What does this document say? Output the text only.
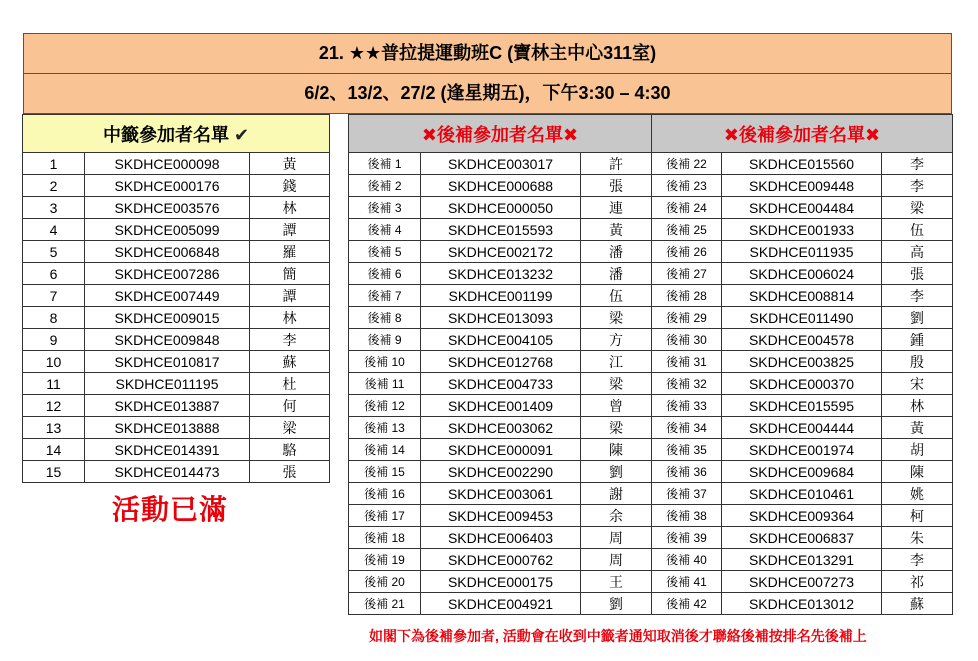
21. ★★普拉提運動班C (寶林主中心311室)
6/2、13/2、27/2 (逢星期五)，下午3:30 – 4:30
中籤參加者名單 ✔		
1	SKDHCE000098	黃
2	SKDHCE000176	錢
3	SKDHCE003576	林
4	SKDHCE005099	譚
5	SKDHCE006848	羅
6	SKDHCE007286	簡
7	SKDHCE007449	譚
8	SKDHCE009015	林
9	SKDHCE009848	李
10	SKDHCE010817	蘇
11	SKDHCE011195	杜
12	SKDHCE013887	何
13	SKDHCE013888	梁
14	SKDHCE014391	駱
15	SKDHCE014473	張
✖後補參加者名單✖		
後補 1	SKDHCE003017	許
後補 2	SKDHCE000688	張
後補 3	SKDHCE000050	連
後補 4	SKDHCE015593	黃
後補 5	SKDHCE002172	潘
後補 6	SKDHCE013232	潘
後補 7	SKDHCE001199	伍
後補 8	SKDHCE013093	梁
後補 9	SKDHCE004105	方
後補 10	SKDHCE012768	江
後補 11	SKDHCE004733	梁
後補 12	SKDHCE001409	曾
後補 13	SKDHCE003062	梁
後補 14	SKDHCE000091	陳
後補 15	SKDHCE002290	劉
後補 16	SKDHCE003061	謝
後補 17	SKDHCE009453	余
後補 18	SKDHCE006403	周
後補 19	SKDHCE000762	周
後補 20	SKDHCE000175	王
後補 21	SKDHCE004921	劉
✖後補參加者名單✖		
後補 22	SKDHCE015560	李
後補 23	SKDHCE009448	李
後補 24	SKDHCE004484	梁
後補 25	SKDHCE001933	伍
後補 26	SKDHCE011935	高
後補 27	SKDHCE006024	張
後補 28	SKDHCE008814	李
後補 29	SKDHCE011490	劉
後補 30	SKDHCE004578	鍾
後補 31	SKDHCE003825	殷
後補 32	SKDHCE000370	宋
後補 33	SKDHCE015595	林
後補 34	SKDHCE004444	黃
後補 35	SKDHCE001974	胡
後補 36	SKDHCE009684	陳
後補 37	SKDHCE010461	姚
後補 38	SKDHCE009364	柯
後補 39	SKDHCE006837	朱
後補 40	SKDHCE013291	李
後補 41	SKDHCE007273	祁
後補 42	SKDHCE013012	蘇
活動已滿
如閣下為後補參加者, 活動會在收到中籤者通知取消後才聯絡後補按排名先後補上
